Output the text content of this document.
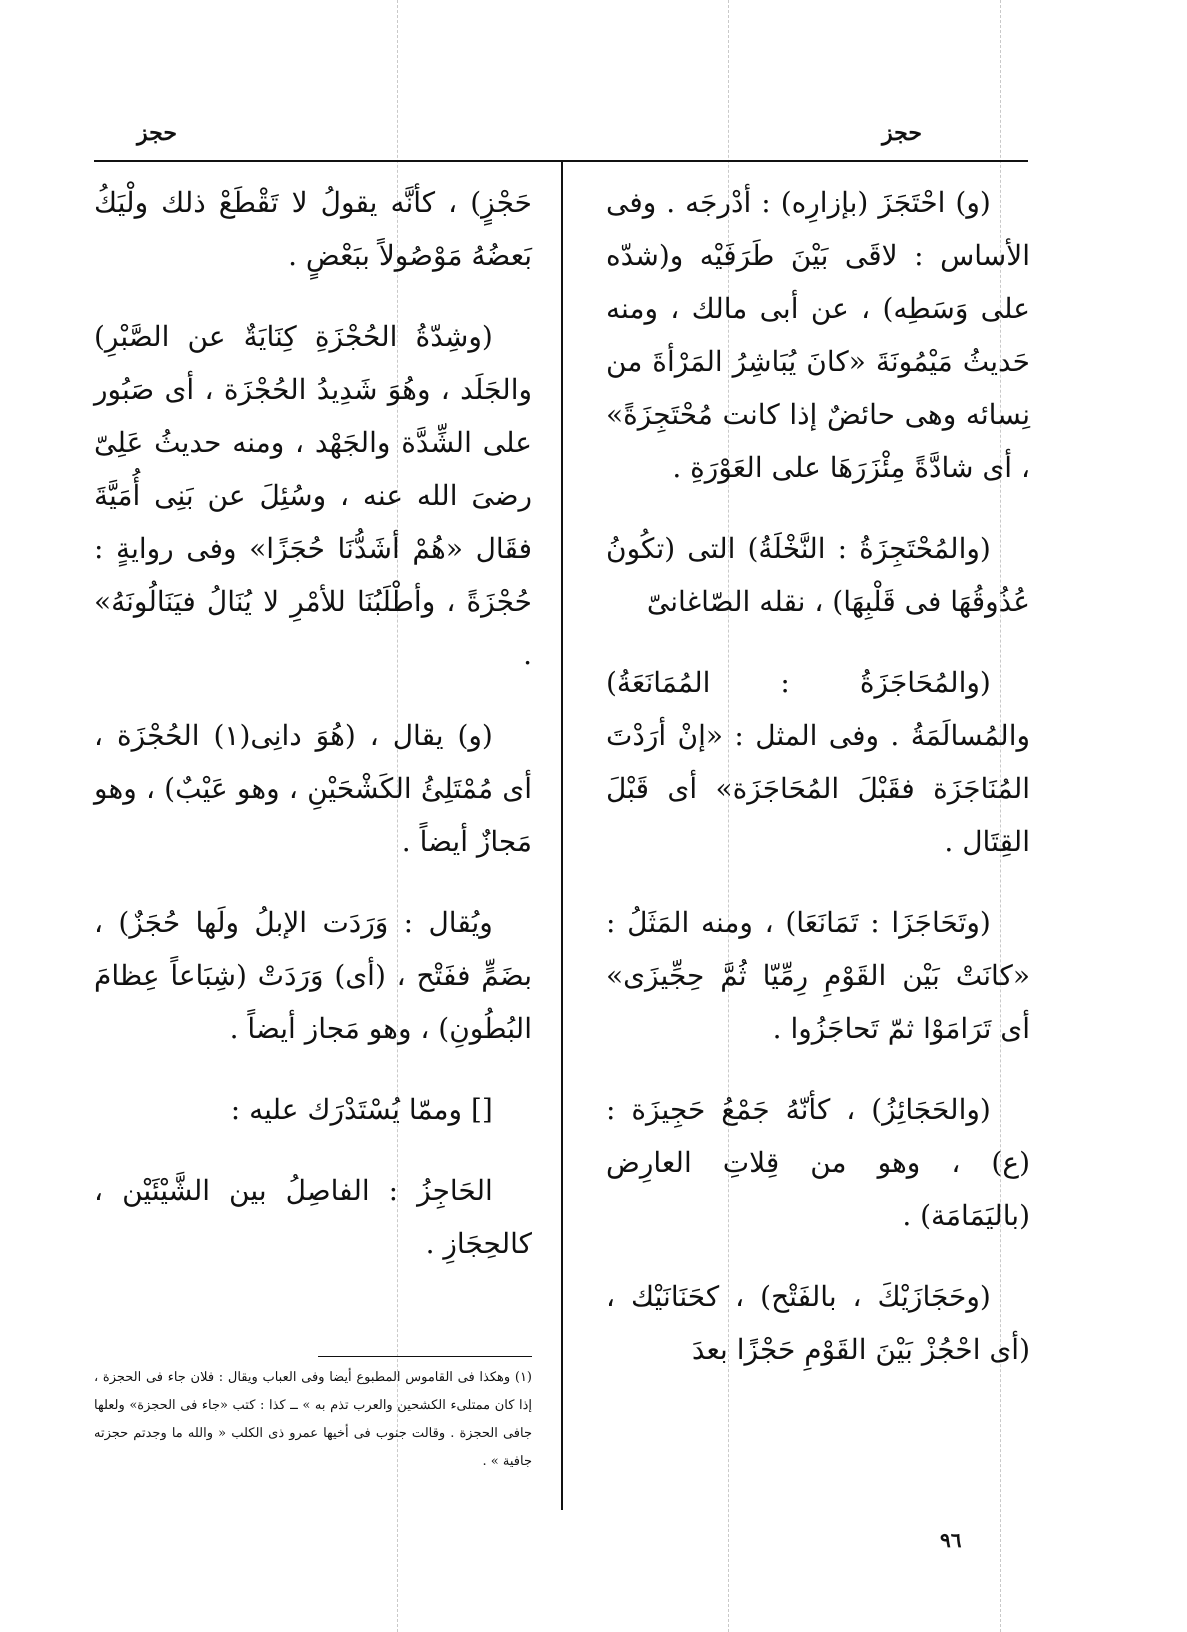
حجز
حجز

(و) احْتَجَزَ (بإزارِه) : أدْرجَه . وفى الأساس : لاقَى بَيْنَ طَرَفَيْه و(شدّه على وَسَطِه) ، عن أبى مالك ، ومنه حَديثُ مَيْمُونَةَ «كانَ يُبَاشِرُ المَرْأةَ من نِسائه وهى حائضٌ إذا كانت مُحْتَجِزَةً» ، أى شادَّةً مِئْزَرَهَا على العَوْرَةِ .

(والمُحْتَجِزَةُ : النَّخْلَةُ) التى (تكُونُ عُذُوقُهَا فى قَلْبِهَا) ، نقله الصّاغانىّ

(والمُحَاجَزَةُ : المُمَانَعَةُ) والمُسالَمَةُ . وفى المثل : «إنْ أرَدْتَ المُنَاجَزَة فقَبْلَ المُحَاجَزَة» أى قَبْلَ القِتَال .

(وتَحَاجَزَا : تَمَانَعَا) ، ومنه المَثَلُ : «كانَتْ بَيْن القَوْمِ رِمِّيّا ثُمَّ حِجِّيزَى» أى تَرَامَوْا ثمّ تَحاجَزُوا .

(والحَجَائِزُ) ، كأنّهُ جَمْعُ حَجِيزَة : (ع) ، وهو من قِلاتِ العارِض (باليَمَامَة) .

(وحَجَازَيْكَ ، بالفَتْح) ، كحَنَانَيْك ، (أى احْجُزْ بَيْنَ القَوْمِ حَجْزًا بعدَ

حَجْزٍ) ، كأنَّه يقولُ لا تَقْطَعْ ذلك ولْيَكُ بَعضُهُ مَوْصُولاً ببَعْضٍ .

(وشِدّةُ الحُجْزَةِ كِنَايَةٌ عن الصَّبْرِ) والجَلَد ، وهُوَ شَدِيدُ الحُجْزَة ، أى صَبُور على الشِّدَّة والجَهْد ، ومنه حديثُ عَلِىّ رضىَ الله عنه ، وسُئِلَ عن بَنِى أُمَيَّةَ فقَال «هُمْ أشَدُّنَا حُجَزًا» وفى روايةٍ : حُجْزَةً ، وأطْلَبُنَا للأمْرِ لا يُنَالُ فيَنَالُونَهُ» .

(و) يقال ، (هُوَ دانِى(١) الحُجْزَة ، أى مُمْتَلِئُ الكَشْحَيْنِ ، وهو عَيْبٌ) ، وهو مَجازٌ أيضاً .

ويُقال : وَرَدَت الإبلُ ولَها حُجَزٌ) ، بضَمٍّ ففَتْح ، (أى) وَرَدَتْ (شِبَاعاً عِظامَ البُطُونِ) ، وهو مَجاز أيضاً .

[] وممّا يُسْتَدْرَك عليه :

الحَاجِزُ : الفاصِلُ بين الشَّيْئَيْن ، كالحِجَازِ .

(١) وهكذا فى القاموس المطبوع أيضا وفى العباب ويقال : فلان جاء فى الحجزة ، إذا كان ممتلىء الكشحين والعرب تذم به » ــ كذا : كتب «جاء فى الحجزة» ولعلها جافى الحجزة . وقالت جنوب فى أخيها عمرو ذى الكلب « والله ما وجدتم حجزته جافية » .
٩٦
